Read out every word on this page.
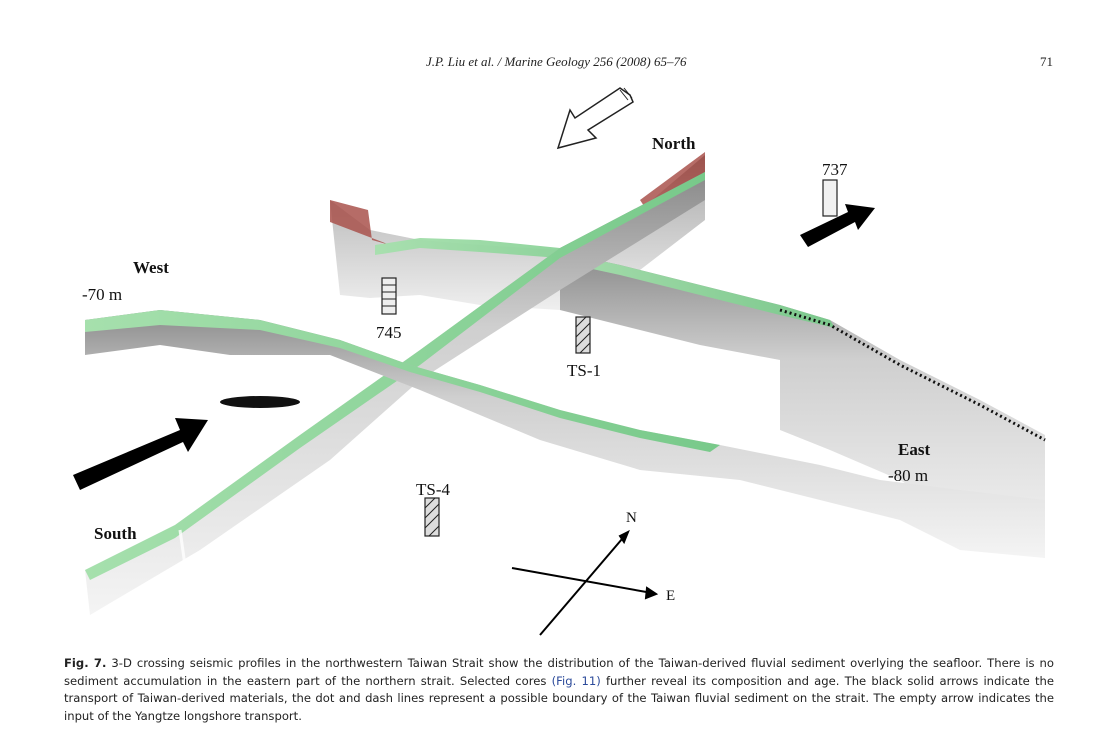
J.P. Liu et al. / Marine Geology 256 (2008) 65–76	71
North
West
East
South
-70 m
-80 m
737
745
TS-1
TS-4
N
E
Fig. 7. 3-D crossing seismic profiles in the northwestern Taiwan Strait show the distribution of the Taiwan-derived fluvial sediment overlying the seafloor. There is no sediment accumulation in the eastern part of the northern strait. Selected cores (Fig. 11) further reveal its composition and age. The black solid arrows indicate the transport of Taiwan-derived materials, the dot and dash lines represent a possible boundary of the Taiwan fluvial sediment on the strait. The empty arrow indicates the input of the Yangtze longshore transport.
